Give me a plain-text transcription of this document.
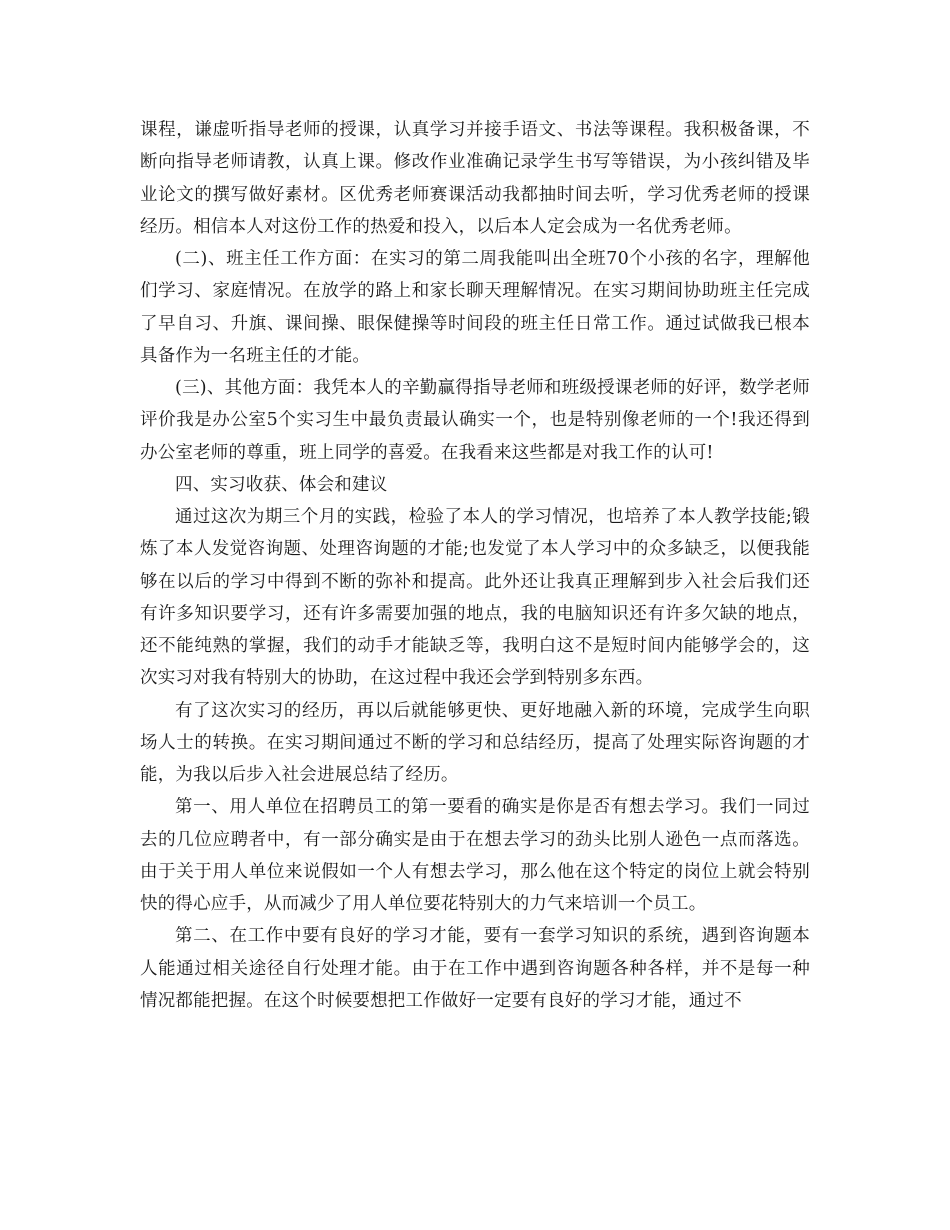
课程，谦虚听指导老师的授课，认真学习并接手语文、书法等课程。我积极备课，不断向指导老师请教，认真上课。修改作业准确记录学生书写等错误，为小孩纠错及毕业论文的撰写做好素材。区优秀老师赛课活动我都抽时间去听，学习优秀老师的授课经历。相信本人对这份工作的热爱和投入，以后本人定会成为一名优秀老师。

(二)、班主任工作方面：在实习的第二周我能叫出全班70个小孩的名字，理解他们学习、家庭情况。在放学的路上和家长聊天理解情况。在实习期间协助班主任完成了早自习、升旗、课间操、眼保健操等时间段的班主任日常工作。通过试做我已根本具备作为一名班主任的才能。

(三)、其他方面：我凭本人的辛勤赢得指导老师和班级授课老师的好评，数学老师评价我是办公室5个实习生中最负责最认确实一个，也是特别像老师的一个!我还得到办公室老师的尊重，班上同学的喜爱。在我看来这些都是对我工作的认可!

四、实习收获、体会和建议

通过这次为期三个月的实践，检验了本人的学习情况，也培养了本人教学技能;锻炼了本人发觉咨询题、处理咨询题的才能;也发觉了本人学习中的众多缺乏，以便我能够在以后的学习中得到不断的弥补和提高。此外还让我真正理解到步入社会后我们还有许多知识要学习，还有许多需要加强的地点，我的电脑知识还有许多欠缺的地点，还不能纯熟的掌握，我们的动手才能缺乏等，我明白这不是短时间内能够学会的，这次实习对我有特别大的协助，在这过程中我还会学到特别多东西。

有了这次实习的经历，再以后就能够更快、更好地融入新的环境，完成学生向职场人士的转换。在实习期间通过不断的学习和总结经历，提高了处理实际咨询题的才能，为我以后步入社会进展总结了经历。

第一、用人单位在招聘员工的第一要看的确实是你是否有想去学习。我们一同过去的几位应聘者中，有一部分确实是由于在想去学习的劲头比别人逊色一点而落选。由于关于用人单位来说假如一个人有想去学习，那么他在这个特定的岗位上就会特别快的得心应手，从而减少了用人单位要花特别大的力气来培训一个员工。

第二、在工作中要有良好的学习才能，要有一套学习知识的系统，遇到咨询题本人能通过相关途径自行处理才能。由于在工作中遇到咨询题各种各样，并不是每一种情况都能把握。在这个时候要想把工作做好一定要有良好的学习才能，通过不
